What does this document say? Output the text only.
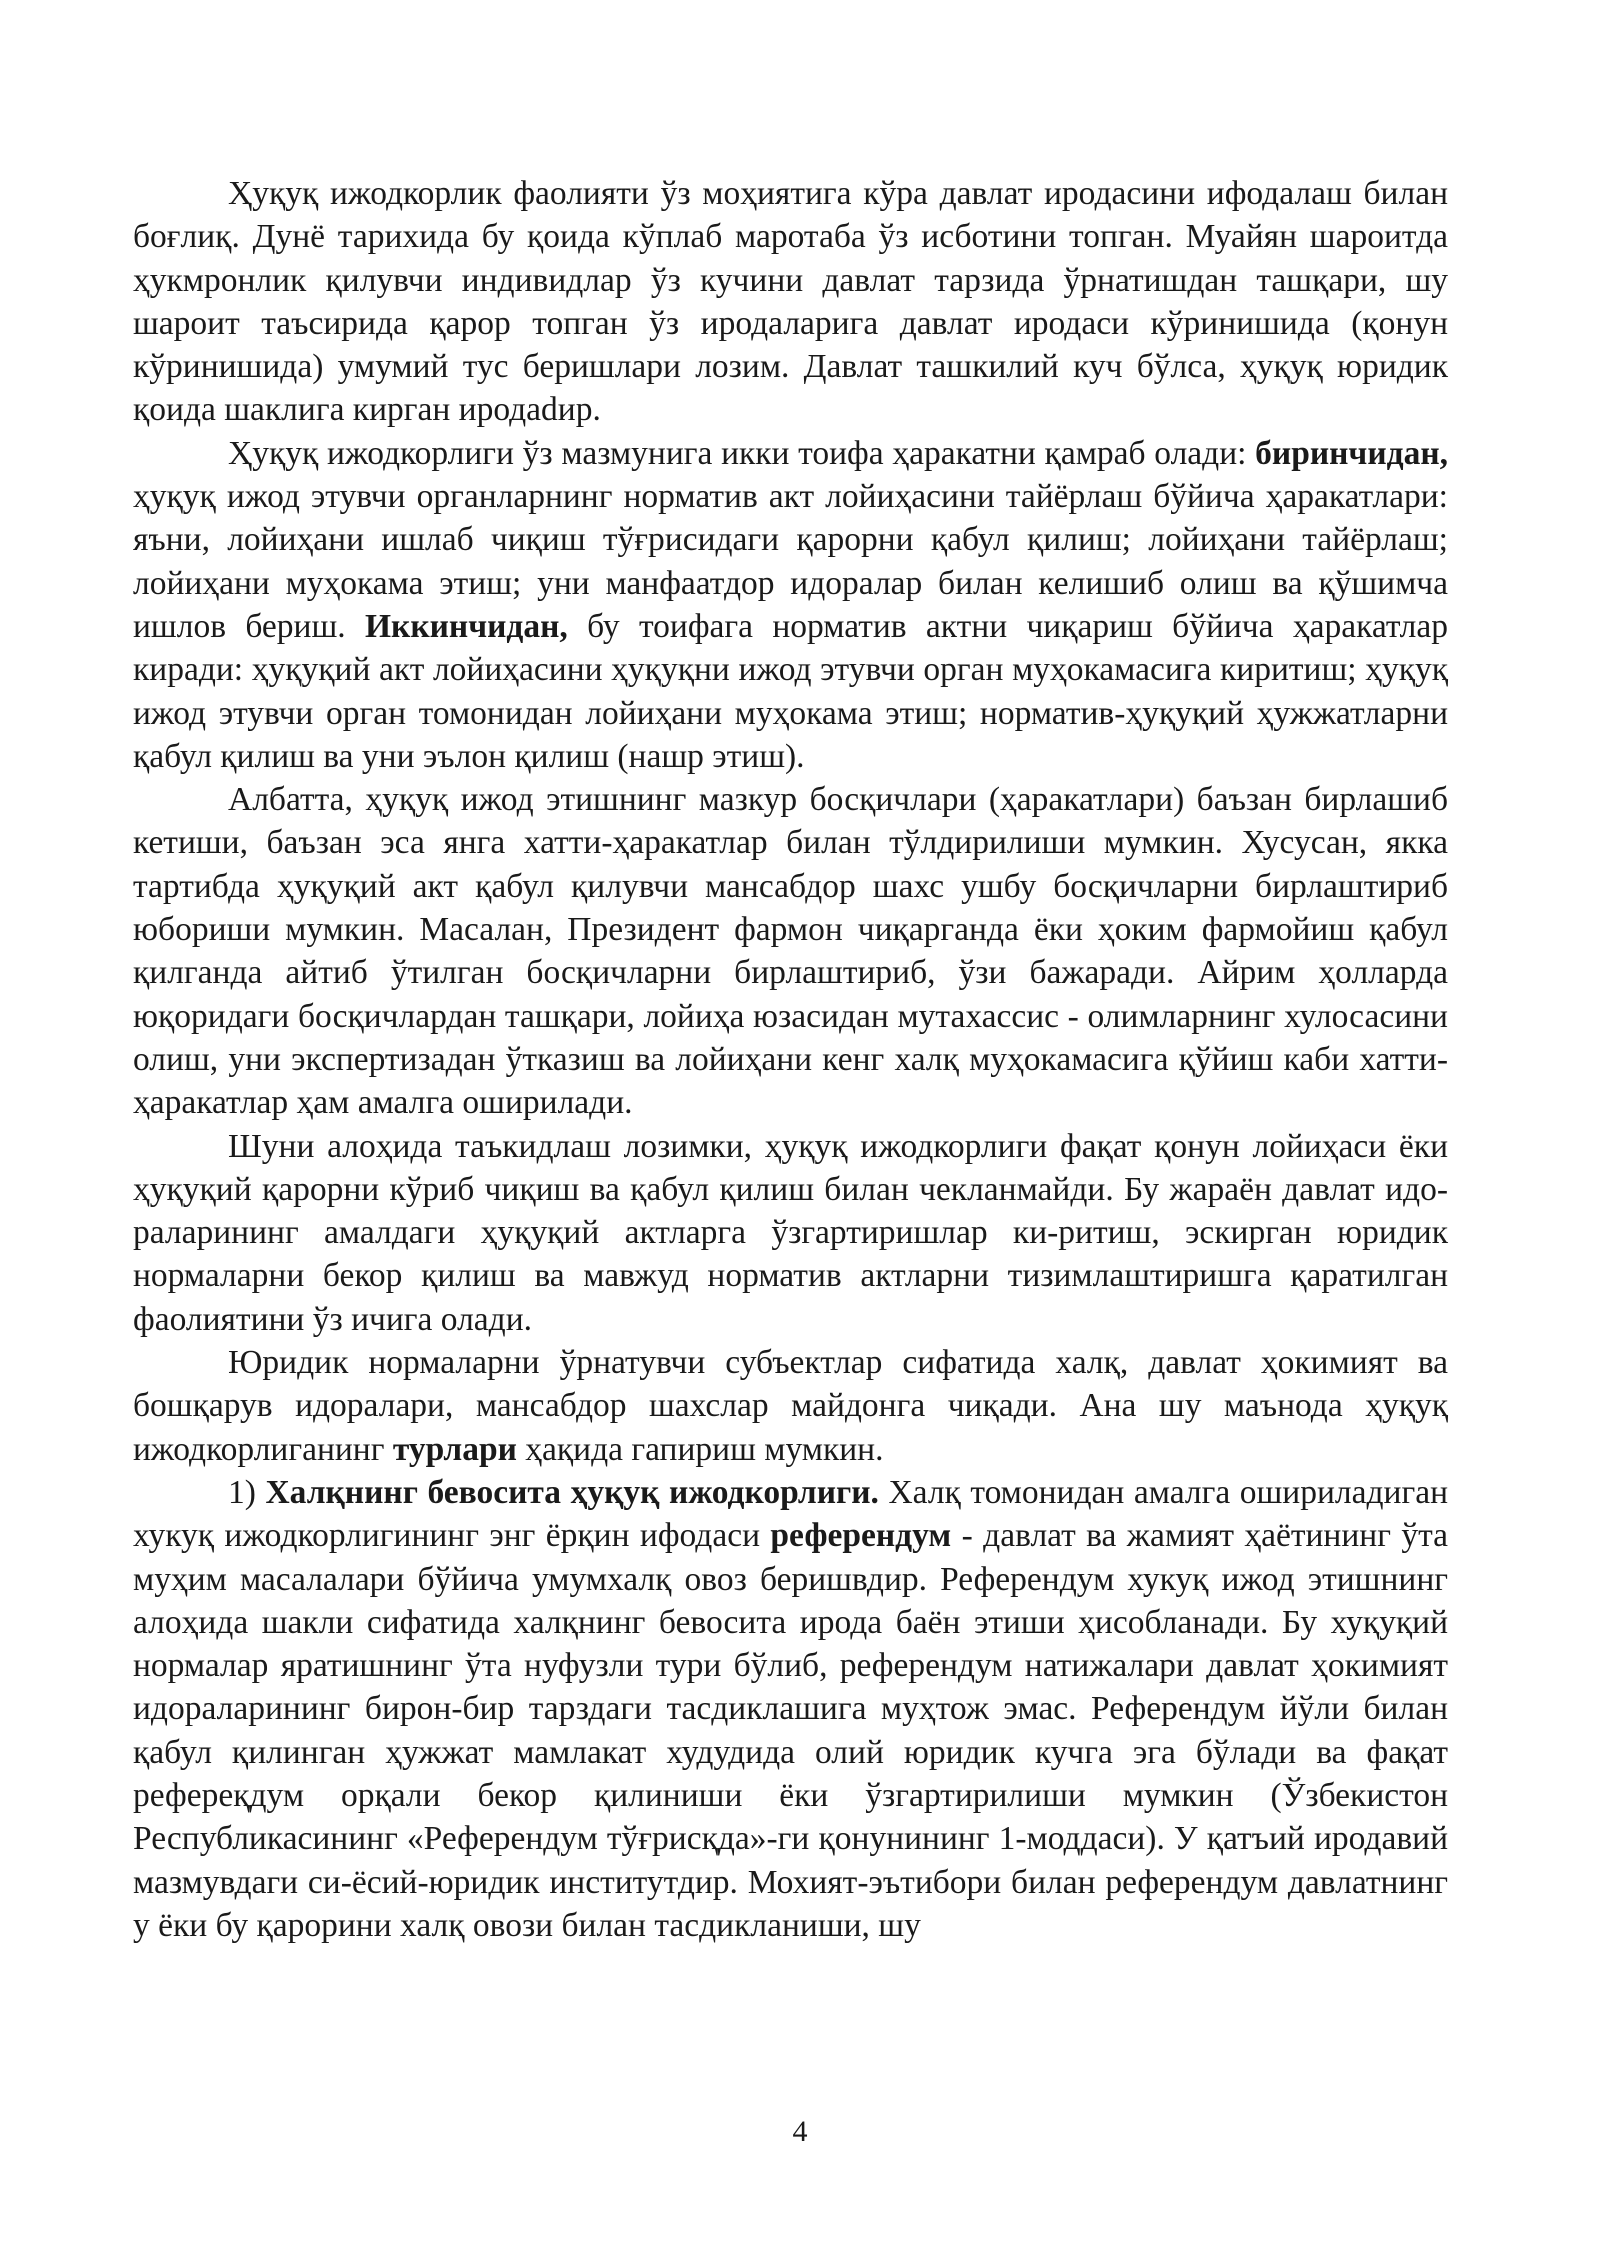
Ҳуқуқ ижодкорлик фаолияти ўз моҳиятига кўра давлат иродасини ифодалаш билан боғлиқ. Дунё тарихида бу қоида кўплаб маротаба ўз исботини топган. Муайян шароитда ҳукмронлик қилувчи индивидлар ўз кучини давлат тарзида ўрнатишдан ташқари, шу шароит таъсирида қарор топган ўз иродаларига давлат иродаси кўринишида (қонун кўринишида) умумий тус беришлари лозим. Давлат ташкилий куч бўлса, ҳуқуқ юридик қоида шаклига кирган иродаdир.

Ҳуқуқ ижодкорлиги ўз мазмунига икки тоифа ҳаракатни қамраб олади: биринчидан, ҳуқуқ ижод этувчи органларнинг норматив акт лойиҳасини тайёрлаш бўйича ҳаракатлари: яъни, лойиҳани ишлаб чиқиш тўғрисидаги қарорни қабул қилиш; лойиҳани тайёрлаш; лойиҳани муҳокама этиш; уни манфаатдор идоралар билан келишиб олиш ва қўшимча ишлов бериш. Иккинчидан, бу тоифага норматив актни чиқариш бўйича ҳаракатлар киради: ҳуқуқий акт лойиҳасини ҳуқуқни ижод этувчи орган муҳокамасига киритиш; ҳуқуқ ижод этувчи орган томонидан лойиҳани муҳокама этиш; норматив-ҳуқуқий ҳужжатларни қабул қилиш ва уни эълон қилиш (нашр этиш).

Албатта, ҳуқуқ ижод этишнинг мазкур босқичлари (ҳаракатлари) баъзан бирлашиб кетиши, баъзан эса янга хатти-ҳаракатлар билан тўлдирилиши мумкин. Хусусан, якка тартибда ҳуқуқий акт қабул қилувчи мансабдор шахс ушбу босқичларни бирлаштириб юбориши мумкин. Масалан, Президент фармон чиқарганда ёки ҳоким фармойиш қабул қилганда айтиб ўтилган босқичларни бирлаштириб, ўзи бажаради. Айрим ҳолларда юқоридаги босқичлардан ташқари, лойиҳа юзасидан мутахассис - олимларнинг хулосасини олиш, уни экспертизадан ўтказиш ва лойиҳани кенг халқ муҳокамасига қўйиш каби хатти-ҳаракатлар ҳам амалга оширилади.

Шуни алоҳида таъкидлаш лозимки, ҳуқуқ ижодкорлиги фақат қонун лойиҳаси ёки ҳуқуқий қарорни кўриб чиқиш ва қабул қилиш билан чекланмайди. Бу жараён давлат идо-раларининг амалдаги ҳуқуқий актларга ўзгартиришлар ки-ритиш, эскирган юридик нормаларни бекор қилиш ва мавжуд норматив актларни тизимлаштиришга қаратилган фаолиятини ўз ичига олади.

Юридик нормаларни ўрнатувчи субъектлар сифатида халқ, давлат ҳокимият ва бошқарув идоралари, мансабдор шахслар майдонга чиқади. Ана шу маънода ҳуқуқ ижодкорлиганинг турлари ҳақида гапириш мумкин.

1) Халқнинг бевосита ҳуқуқ ижодкорлиги. Халқ томонидан амалга ошириладиган хукуқ ижодкорлигининг энг ёрқин ифодаси референдум - давлат ва жамият ҳаётининг ўта муҳим масалалари бўйича умумхалқ овоз беришвдир. Референдум хукуқ ижод этишнинг алоҳида шакли сифатида халқнинг бевосита ирода баён этиши ҳисобланади. Бу хуқуқий нормалар яратишнинг ўта нуфузли тури бўлиб, референдум натижалари давлат ҳокимият идораларининг бирон-бир тарздаги тасдиклашига муҳтож эмас. Референдум йўли билан қабул қилинган ҳужжат мамлакат худудида олий юридик кучга эга бўлади ва фақат рефереқдум орқали бекор қилиниши ёки ўзгартирилиши мумкин (Ўзбекистон Республикасининг «Референдум тўғрисқда»-ги қонунининг 1-моддаси). У қатъий иродавий мазмувдаги си-ёсий-юридик институтдир. Мохият-эътибори билан референдум давлатнинг у ёки бу қарорини халқ овози билан тасдикланиши, шу

4
